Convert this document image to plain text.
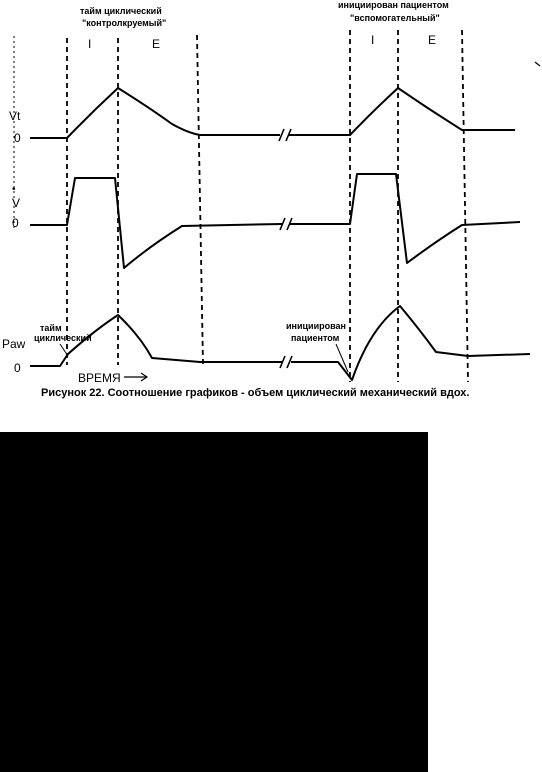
тайм циклический
"контролкруемый"
инициирован пациентом
"вспомогательный"
I	E	I	E
Vt
0
V
•
0
Paw
0
тайм
циклический
инициирован
пациентом
ВРЕМЯ
Рисунок 22. Соотношение графиков - объем циклический механический вдох.
